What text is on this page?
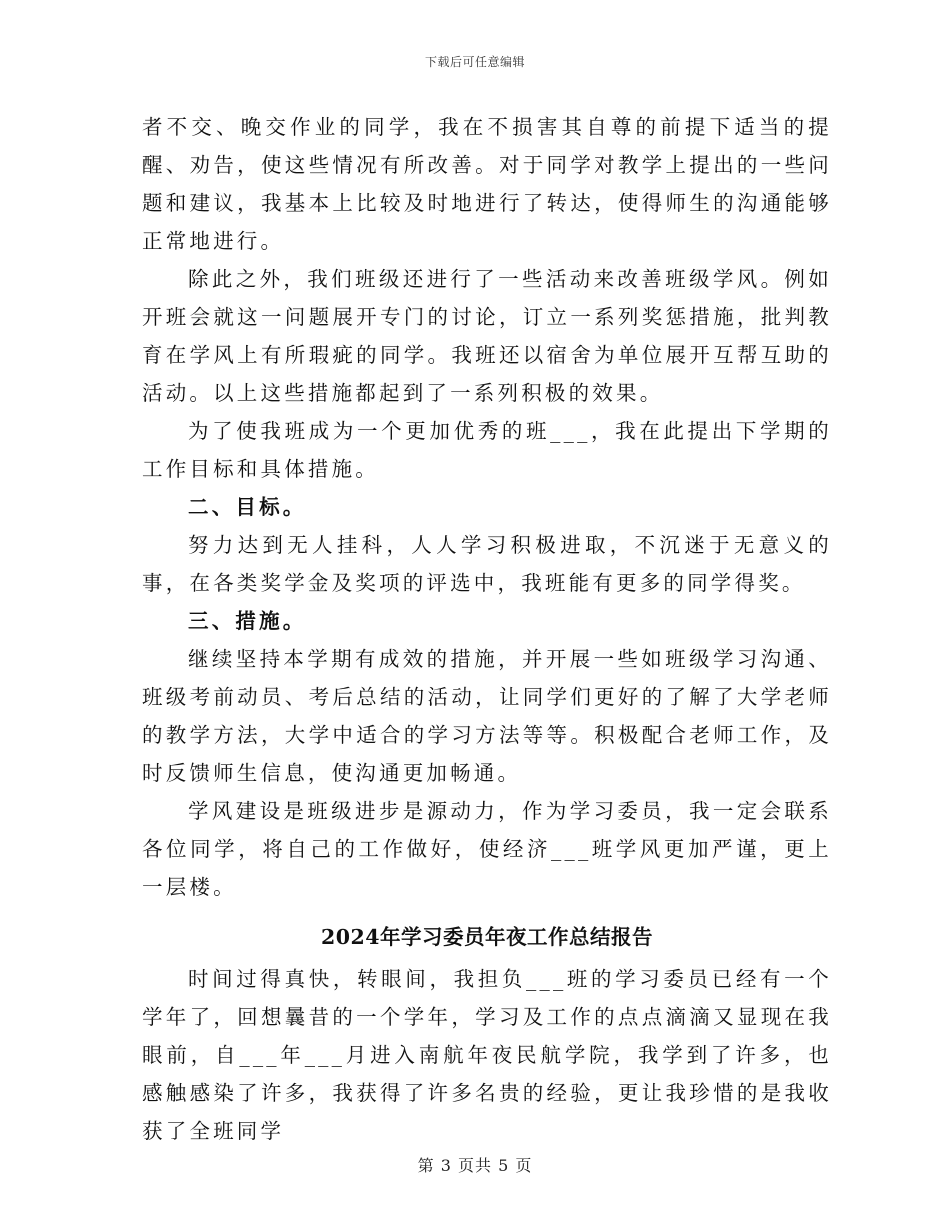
下载后可任意编辑

者不交、晚交作业的同学，我在不损害其自尊的前提下适当的提醒、劝告，使这些情况有所改善。对于同学对教学上提出的一些问题和建议，我基本上比较及时地进行了转达，使得师生的沟通能够正常地进行。

除此之外，我们班级还进行了一些活动来改善班级学风。例如开班会就这一问题展开专门的讨论，订立一系列奖惩措施，批判教育在学风上有所瑕疵的同学。我班还以宿舍为单位展开互帮互助的活动。以上这些措施都起到了一系列积极的效果。

为了使我班成为一个更加优秀的班___，我在此提出下学期的工作目标和具体措施。

二、目标。

努力达到无人挂科，人人学习积极进取，不沉迷于无意义的事，在各类奖学金及奖项的评选中，我班能有更多的同学得奖。

三、措施。

继续坚持本学期有成效的措施，并开展一些如班级学习沟通、班级考前动员、考后总结的活动，让同学们更好的了解了大学老师的教学方法，大学中适合的学习方法等等。积极配合老师工作，及时反馈师生信息，使沟通更加畅通。

学风建设是班级进步是源动力，作为学习委员，我一定会联系各位同学，将自己的工作做好，使经济___班学风更加严谨，更上一层楼。

2024年学习委员年夜工作总结报告

时间过得真快，转眼间，我担负___班的学习委员已经有一个学年了，回想曩昔的一个学年，学习及工作的点点滴滴又显现在我眼前，自___年___月进入南航年夜民航学院，我学到了许多，也感触感染了许多，我获得了许多名贵的经验，更让我珍惜的是我收获了全班同学

第 3 页共 5 页
